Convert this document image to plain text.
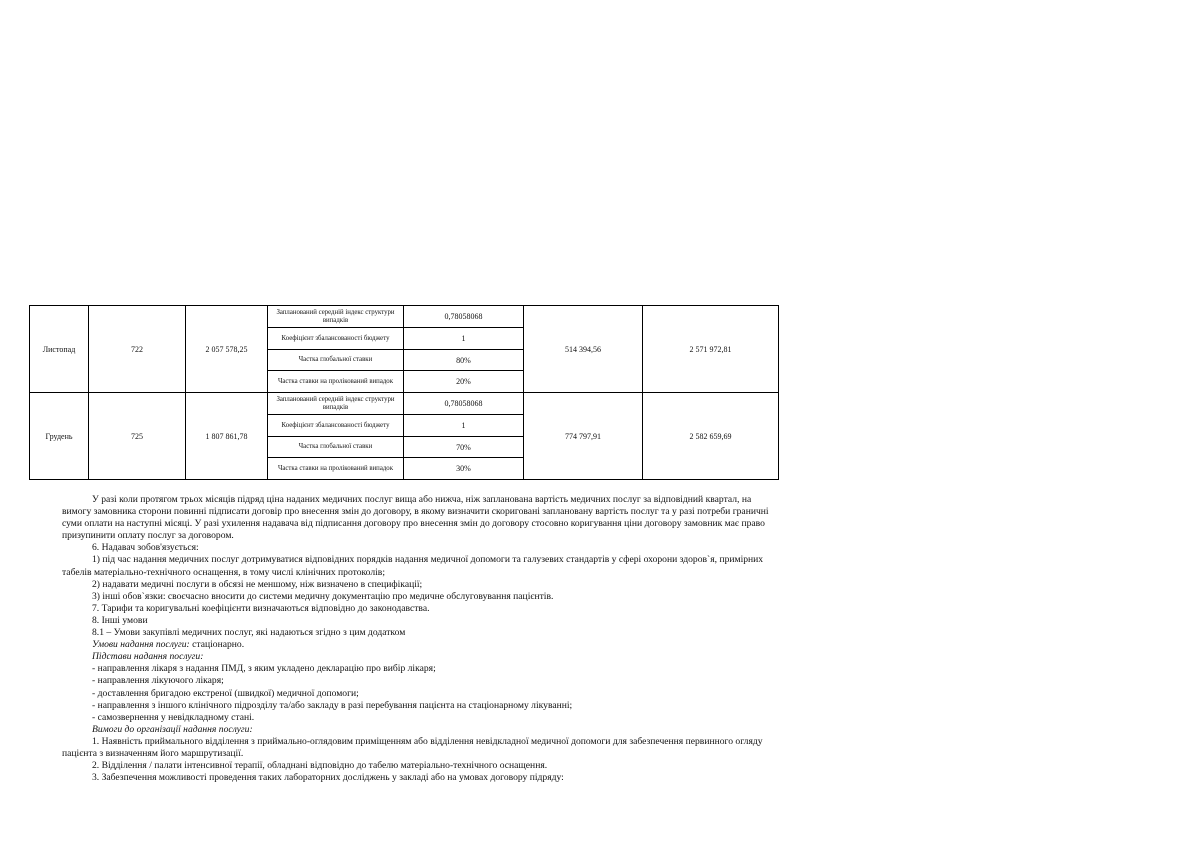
Листопад	722	2 057 578,25	Запланований середній індекс структури випадків	0,78058068	514 394,56	2 571 972,81
			Коефіцієнт збалансованості бюджету	1		
			Частка глобальної ставки	80%		
			Частка ставки на пролікований випадок	20%		
Грудень	725	1 807 861,78	Запланований середній індекс структури випадків	0,78058068	774 797,91	2 582 659,69
			Коефіцієнт збалансованості бюджету	1		
			Частка глобальної ставки	70%		
			Частка ставки на пролікований випадок	30%		

У разі коли протягом трьох місяців підряд ціна наданих медичних послуг вища або нижча, ніж запланована вартість медичних послуг за відповідний квартал, на вимогу замовника сторони повинні підписати договір про внесення змін до договору, в якому визначити скориговані запланованy вартість послуг та у разі потреби граничні суми оплати на наступні місяці. У разі ухилення надавача від підписання договору про внесення змін до договору стосовно коригування ціни договору замовник має право призупинити оплату послуг за договором.

6. Надавач зобов'язується:

1) під час надання медичних послуг дотримуватися відповідних порядків надання медичної допомоги та галузевих стандартів у сфері охорони здоров`я, примірних табелів матеріально-технічного оснащення, в тому числі клінічних протоколів;

2) надавати медичні послуги в обсязі не меншому, ніж визначено в специфікації;

3) інші обов`язки: своєчасно вносити до системи медичну документацію про медичне обслуговування пацієнтів.

7. Тарифи та коригувальні коефіцієнти визначаються відповідно до законодавства.

8. Інші умови

8.1 – Умови закупівлі медичних послуг, які надаються згідно з цим додатком

Умови надання послуги: стаціонарно.

Підстави надання послуги:

- направлення лікаря з надання ПМД, з яким укладено декларацію про вибір лікаря;

- направлення лікуючого лікаря;

- доставлення бригадою екстреної (швидкої) медичної допомоги;

- направлення з іншого клінічного підрозділу та/або закладу в разі перебування пацієнта на стаціонарному лікуванні;

- самозвернення у невідкладному стані.

Вимоги до організації надання послуги:

1. Наявність приймального відділення з приймально-оглядовим приміщенням або відділення невідкладної медичної допомоги для забезпечення первинного огляду пацієнта з визначенням його маршрутизації.

2. Відділення / палати інтенсивної терапії, обладнані відповідно до табелю матеріально-технічного оснащення.

3. Забезпечення можливості проведення таких лабораторних досліджень у закладі або на умовах договору підряду:
